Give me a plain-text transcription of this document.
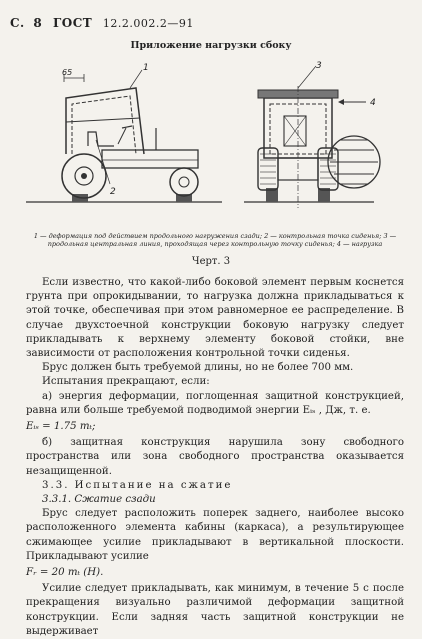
С. 8 ГОСТ 12.2.002.2—91
Приложение нагрузки сбоку
65	1
2
3
4
1 — деформация под действием продольного нагружения сзади; 2 — контрольная точка сиденья; 3 — продольная центральная линия, проходящая через контрольную точку сиденья; 4 — нагрузка
Черт. 3

Если известно, что какой-либо боковой элемент первым коснется грунта при опрокидывании, то нагрузка должна прикладываться к этой точке, обеспечивая при этом равномерное ее распределение. В случае двухстоечной конструкции боковую нагрузку следует прикладывать к верхнему элементу боковой стойки, вне зависимости от расположения контрольной точки сиденья.

Брус должен быть требуемой длины, но не более 700 мм.

Испытания прекращают, если:

а) энергия деформации, поглощенная защитной конструкцией, равна или больше требуемой подводимой энергии Eᵢₛ , Дж, т. е.

Eᵢₛ = 1.75 mₜ;

б) защитная конструкция нарушила зону свободного пространства или зона свободного пространства оказывается незащищенной.

3.3. Испытание на сжатие

3.3.1. Сжатие сзади

Брус следует расположить поперек заднего, наиболее высоко расположенного элемента кабины (каркаса), а результирующее сжимающее усилие прикладывают в вертикальной плоскости. Прикладывают усилие

Fᵣ = 20 mₜ (Н).

Усилие следует прикладывать, как минимум, в течение 5 с после прекращения визуально различимой деформации защитной конструкции. Если задняя часть защитной конструкции не выдерживает
